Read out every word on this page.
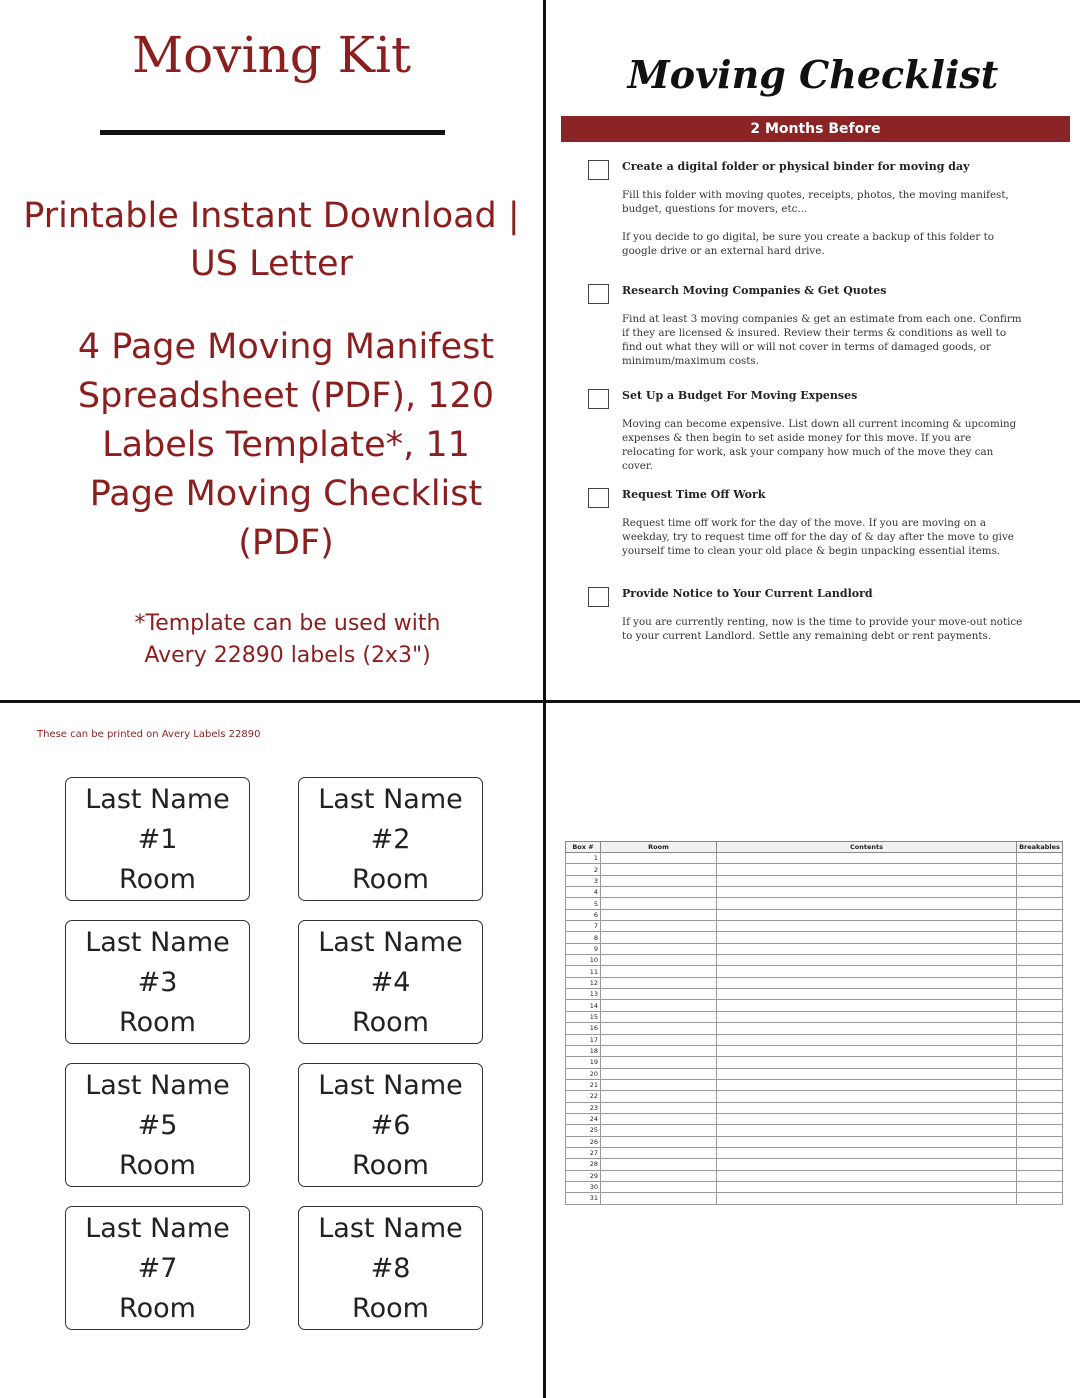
Moving Kit
Printable Instant Download |
US Letter
4 Page Moving Manifest Spreadsheet (PDF), 120 Labels Template*, 11 Page Moving Checklist (PDF)
*Template can be used with
Avery 22890 labels (2x3")
Moving Checklist
2 Months Before
Create a digital folder or physical binder for moving day

Fill this folder with moving quotes, receipts, photos, the moving manifest, budget, questions for movers, etc...

If you decide to go digital, be sure you create a backup of this folder to google drive or an external hard drive.

Research Moving Companies & Get Quotes

Find at least 3 moving companies & get an estimate from each one. Confirm if they are licensed & insured. Review their terms & conditions as well to find out what they will or will not cover in terms of damaged goods, or minimum/maximum costs.

Set Up a Budget For Moving Expenses

Moving can become expensive. List down all current incoming & upcoming expenses & then begin to set aside money for this move. If you are relocating for work, ask your company how much of the move they can cover.

Request Time Off Work

Request time off work for the day of the move. If you are moving on a weekday, try to request time off for the day of & day after the move to give yourself time to clean your old place & begin unpacking essential items.

Provide Notice to Your Current Landlord

If you are currently renting, now is the time to provide your move-out notice to your current Landlord. Settle any remaining debt or rent payments.

These can be printed on Avery Labels 22890
Last Name
#1
Room
Last Name
#2
Room
Last Name
#3
Room
Last Name
#4
Room
Last Name
#5
Room
Last Name
#6
Room
Last Name
#7
Room
Last Name
#8
Room
Box #	Room	Contents	Breakables
1			
2			
3			
4			
5			
6			
7			
8			
9			
10			
11			
12			
13			
14			
15			
16			
17			
18			
19			
20			
21			
22			
23			
24			
25			
26			
27			
28			
29			
30			
31			
